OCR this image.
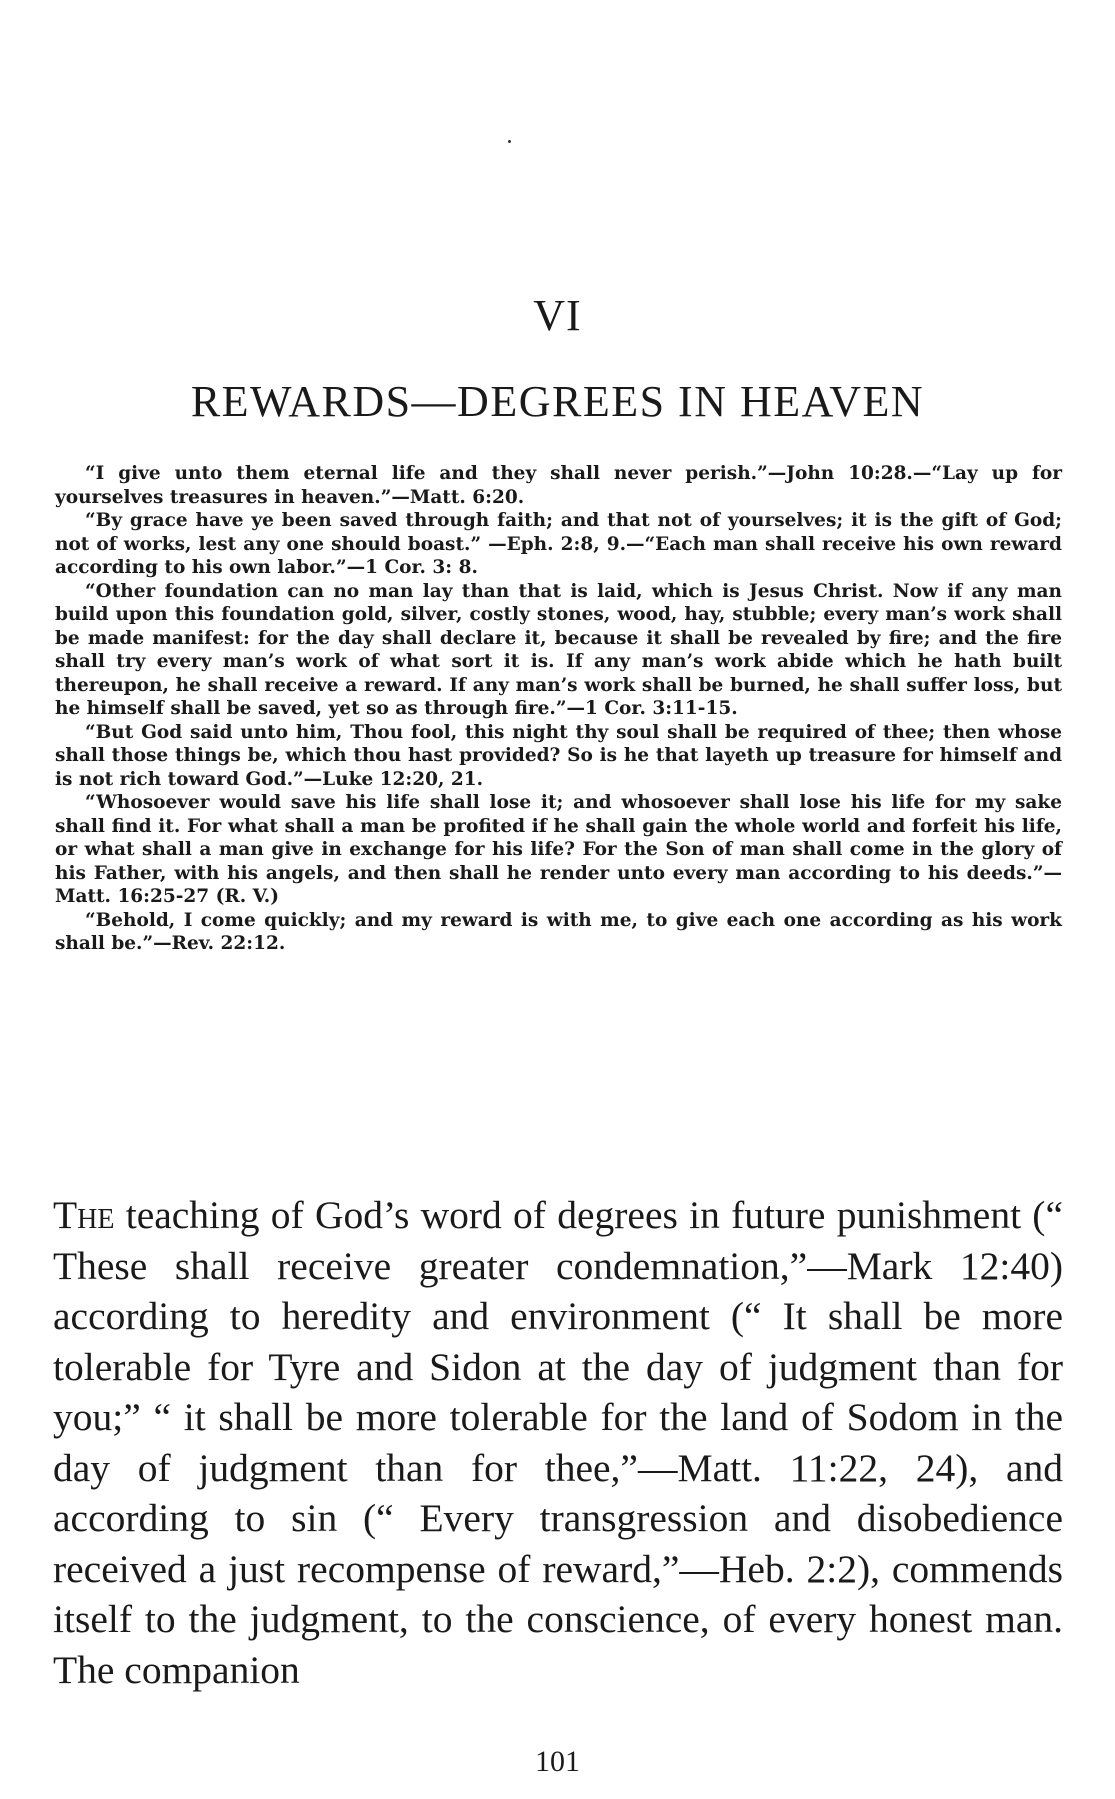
VI
REWARDS—DEGREES IN HEAVEN

“I give unto them eternal life and they shall never perish.”—John 10:28.—“Lay up for yourselves treasures in heaven.”—Matt. 6:20.

“By grace have ye been saved through faith; and that not of yourselves; it is the gift of God; not of works, lest any one should boast.” —Eph. 2:8, 9.—“Each man shall receive his own reward according to his own labor.”—1 Cor. 3: 8.

“Other foundation can no man lay than that is laid, which is Jesus Christ. Now if any man build upon this foundation gold, silver, costly stones, wood, hay, stubble; every man’s work shall be made manifest: for the day shall declare it, because it shall be revealed by fire; and the fire shall try every man’s work of what sort it is. If any man’s work abide which he hath built thereupon, he shall receive a reward. If any man’s work shall be burned, he shall suffer loss, but he himself shall be saved, yet so as through fire.”—1 Cor. 3:11-15.

“But God said unto him, Thou fool, this night thy soul shall be required of thee; then whose shall those things be, which thou hast provided? So is he that layeth up treasure for himself and is not rich toward God.”—Luke 12:20, 21.

“Whosoever would save his life shall lose it; and whosoever shall lose his life for my sake shall find it. For what shall a man be profited if he shall gain the whole world and forfeit his life, or what shall a man give in exchange for his life? For the Son of man shall come in the glory of his Father, with his angels, and then shall he render unto every man according to his deeds.”—Matt. 16:25-27 (R. V.)

“Behold, I come quickly; and my reward is with me, to give each one according as his work shall be.”—Rev. 22:12.

The teaching of God’s word of degrees in future punishment (“ These shall receive greater condemnation,”—Mark 12:40) according to heredity and environment (“ It shall be more tolerable for Tyre and Sidon at the day of judgment than for you;” “ it shall be more tolerable for the land of Sodom in the day of judgment than for thee,”—Matt. 11:22, 24), and according to sin (“ Every transgression and disobedience received a just recompense of reward,”—Heb. 2:2), commends itself to the judgment, to the conscience, of every honest man. The companion

101
